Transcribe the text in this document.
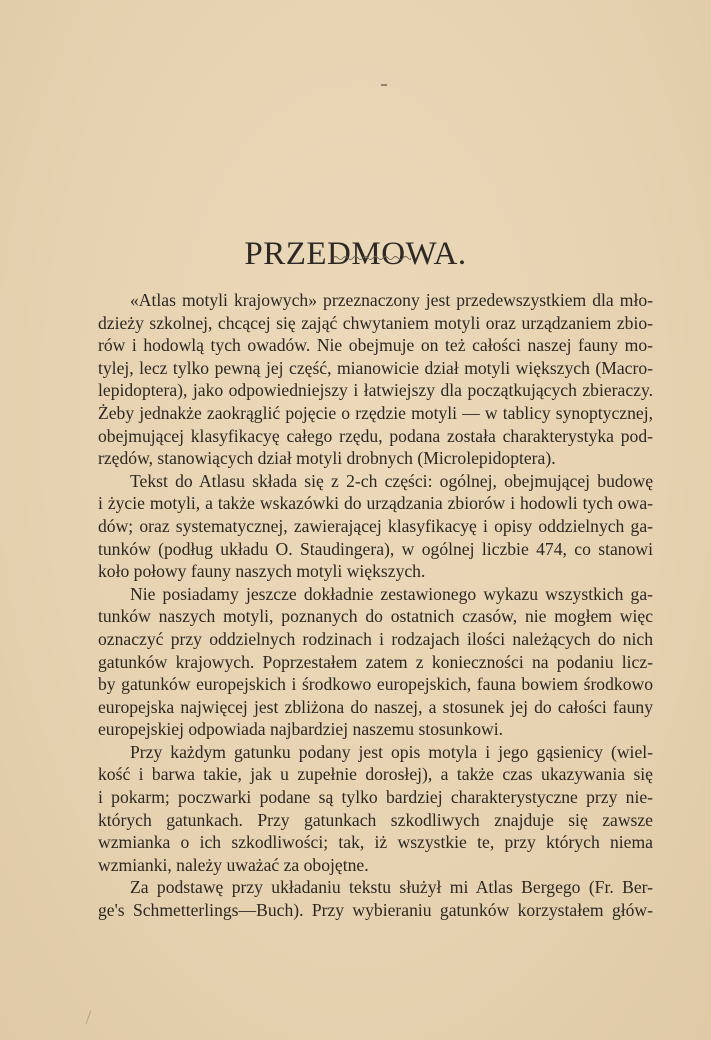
PRZEDMOWA.
«Atlas motyli krajowych» przeznaczony jest przedewszystkiem dla mło-
dzieży szkolnej, chcącej się zająć chwytaniem motyli oraz urządzaniem zbio-
rów i hodowlą tych owadów. Nie obejmuje on też całości naszej fauny mo-
tylej, lecz tylko pewną jej część, mianowicie dział motyli większych (Macro-
lepidoptera), jako odpowiedniejszy i łatwiejszy dla początkujących zbieraczy.
Żeby jednakże zaokrąglić pojęcie o rzędzie motyli — w tablicy synoptycznej,
obejmującej klasyfikacyę całego rzędu, podana została charakterystyka pod-
rzędów, stanowiących dział motyli drobnych (Microlepidoptera).
Tekst do Atlasu składa się z 2-ch części: ogólnej, obejmującej budowę
i życie motyli, a także wskazówki do urządzania zbiorów i hodowli tych owa-
dów; oraz systematycznej, zawierającej klasyfikacyę i opisy oddzielnych ga-
tunków (podług układu O. Staudingera), w ogólnej liczbie 474, co stanowi
koło połowy fauny naszych motyli większych.
Nie posiadamy jeszcze dokładnie zestawionego wykazu wszystkich ga-
tunków naszych motyli, poznanych do ostatnich czasów, nie mogłem więc
oznaczyć przy oddzielnych rodzinach i rodzajach ilości należących do nich
gatunków krajowych. Poprzestałem zatem z konieczności na podaniu licz-
by gatunków europejskich i środkowo europejskich, fauna bowiem środkowo
europejska najwięcej jest zbliżona do naszej, a stosunek jej do całości fauny
europejskiej odpowiada najbardziej naszemu stosunkowi.
Przy każdym gatunku podany jest opis motyla i jego gąsienicy (wiel-
kość i barwa takie, jak u zupełnie dorosłej), a także czas ukazywania się
i pokarm; poczwarki podane są tylko bardziej charakterystyczne przy nie-
których gatunkach. Przy gatunkach szkodliwych znajduje się zawsze
wzmianka o ich szkodliwości; tak, iż wszystkie te, przy których niema
wzmianki, należy uważać za obojętne.
Za podstawę przy układaniu tekstu służył mi Atlas Bergego (Fr. Ber-
ge's Schmetterlings—Buch). Przy wybieraniu gatunków korzystałem głów-
